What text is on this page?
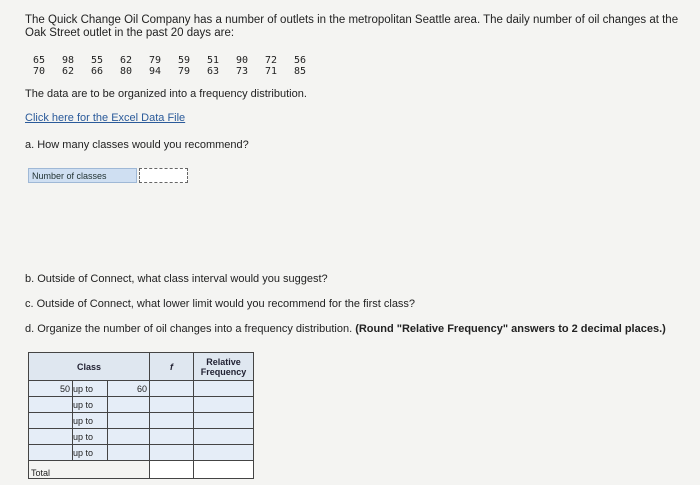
The Quick Change Oil Company has a number of outlets in the metropolitan Seattle area. The daily number of oil changes at the Oak Street outlet in the past 20 days are:
65	98	55	62	79	59	51	90	72	56
70	62	66	80	94	79	63	73	71	85
The data are to be organized into a frequency distribution.
Click here for the Excel Data File
a. How many classes would you recommend?
Number of classes
b. Outside of Connect, what class interval would you suggest?
c. Outside of Connect, what lower limit would you recommend for the first class?
d. Organize the number of oil changes into a frequency distribution. (Round "Relative Frequency" answers to 2 decimal places.)
Class			f	Relative Frequency
50	up to	60		
	up to			
	up to			
	up to			
	up to			
Total				
